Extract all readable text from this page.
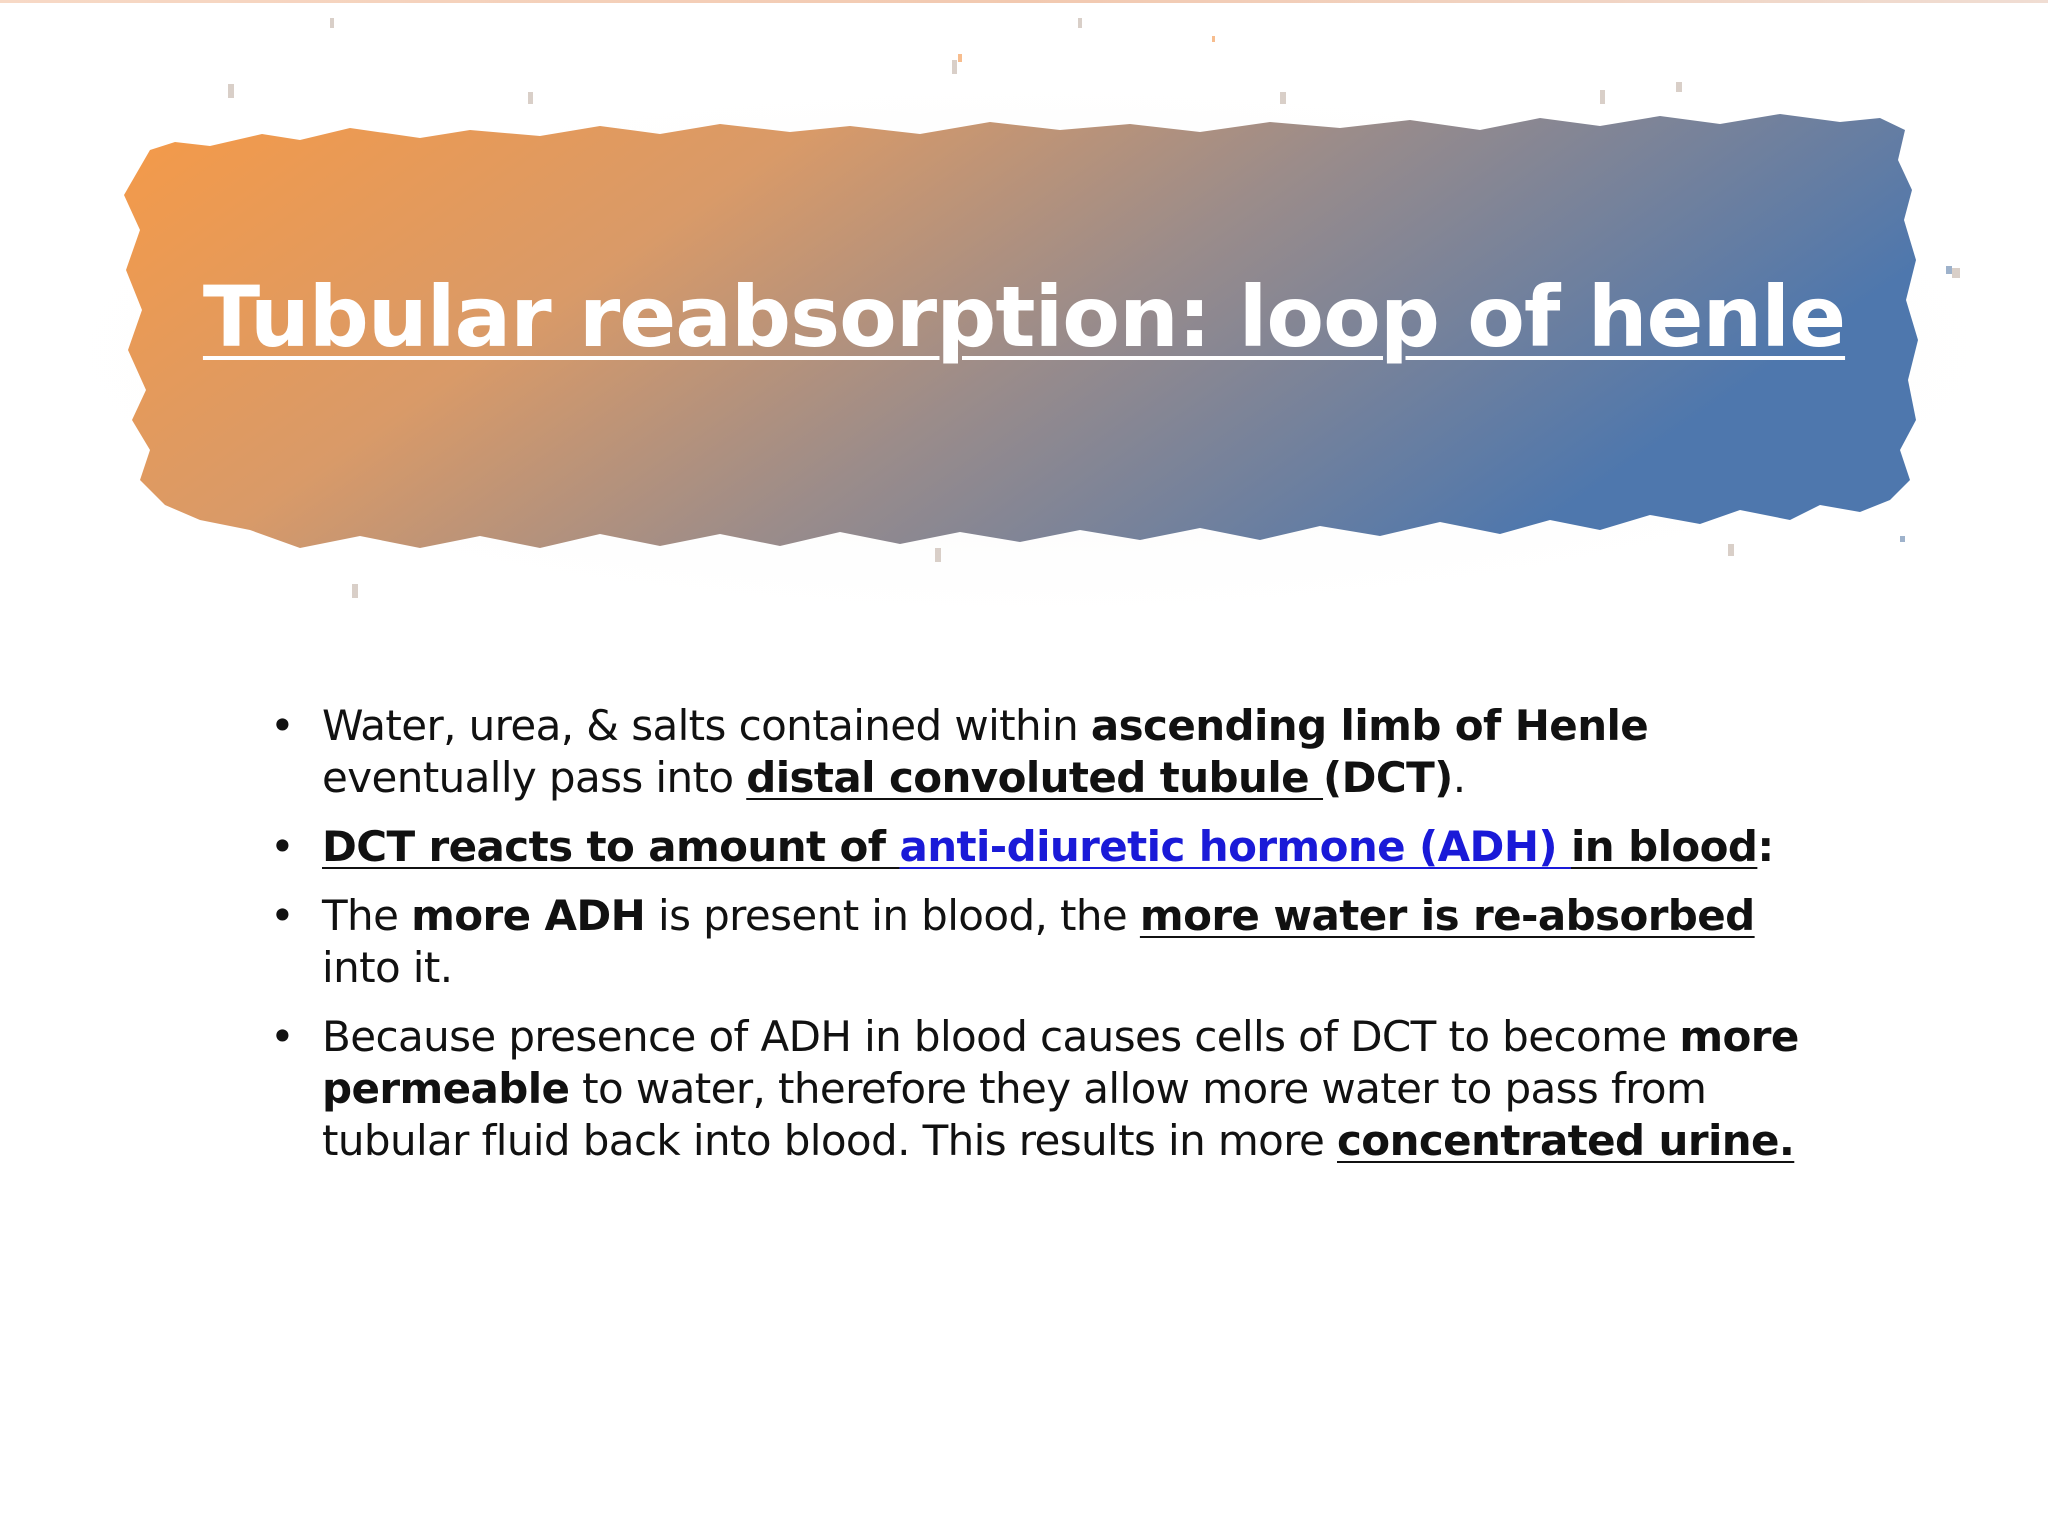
Tubular reabsorption: loop of henle
• Water, urea, & salts contained within ascending limb of Henle eventually pass into distal convoluted tubule (DCT).
• DCT reacts to amount of anti-diuretic hormone (ADH) in blood:
• The more ADH is present in blood, the more water is re-absorbed into it.
• Because presence of ADH in blood causes cells of DCT to become more permeable to water, therefore they allow more water to pass from tubular fluid back into blood. This results in more concentrated urine.
